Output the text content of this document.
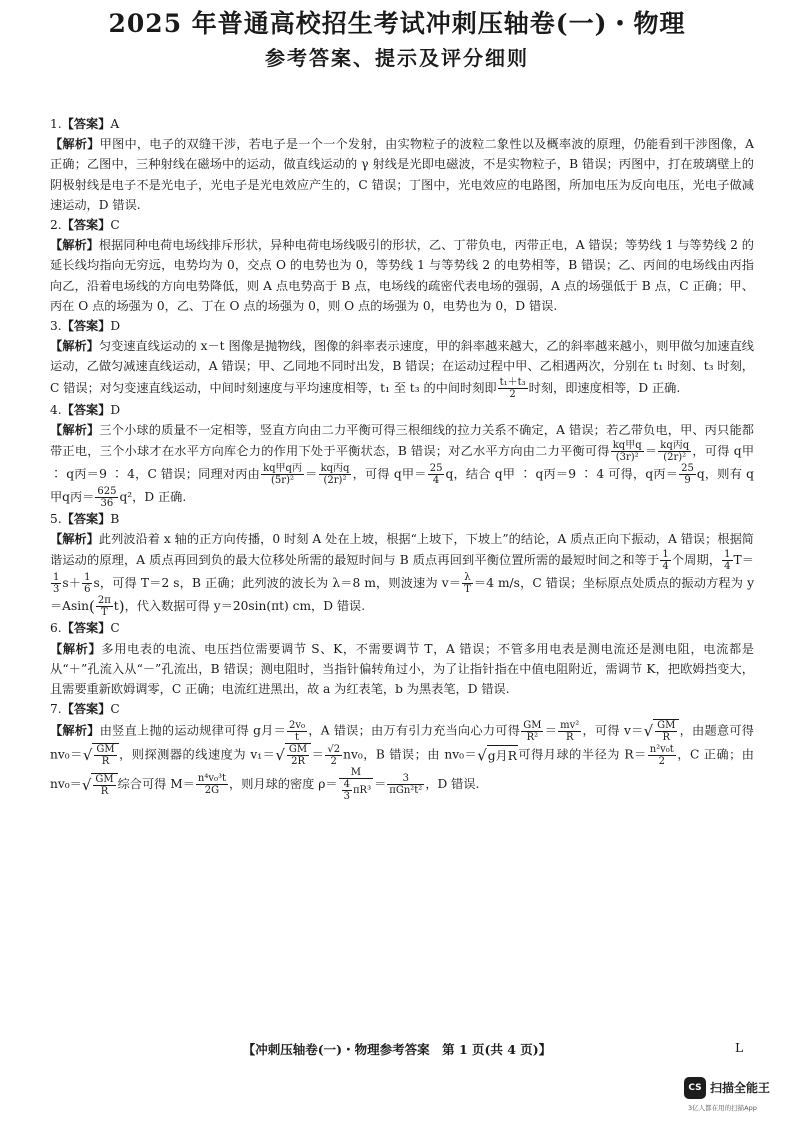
2025 年普通高校招生考试冲刺压轴卷(一)・物理
参考答案、提示及评分细则
1.【答案】A

【解析】甲图中，电子的双缝干涉，若电子是一个一个发射，由实物粒子的波粒二象性以及概率波的原理，仍能看到干涉图像，A 正确；乙图中，三种射线在磁场中的运动，做直线运动的 γ 射线是光即电磁波，不是实物粒子，B 错误；丙图中，打在玻璃壁上的阴极射线是电子不是光电子，光电子是光电效应产生的，C 错误；丁图中，光电效应的电路图，所加电压为反向电压，光电子做减速运动，D 错误.

2.【答案】C

【解析】根据同种电荷电场线排斥形状，异种电荷电场线吸引的形状，乙、丁带负电，丙带正电，A 错误；等势线 1 与等势线 2 的延长线均指向无穷远，电势均为 0，交点 O 的电势也为 0，等势线 1 与等势线 2 的电势相等，B 错误；乙、丙间的电场线由丙指向乙，沿着电场线的方向电势降低，则 A 点电势高于 B 点，电场线的疏密代表电场的强弱，A 点的场强低于 B 点，C 正确；甲、丙在 O 点的场强为 0，乙、丁在 O 点的场强为 0，则 O 点的场强为 0，电势也为 0，D 错误.

3.【答案】D

【解析】匀变速直线运动的 x－t 图像是抛物线，图像的斜率表示速度，甲的斜率越来越大，乙的斜率越来越小，则甲做匀加速直线运动，乙做匀减速直线运动，A 错误；甲、乙同地不同时出发，B 错误；在运动过程中甲、乙相遇两次，分别在 t₁ 时刻、t₃ 时刻，C 错误；对匀变速直线运动，中间时刻速度与平均速度相等，t₁ 至 t₃ 的中间时刻即 $\frac{\text{t₁＋t₃}}{2}$ 时刻，即速度相等，D 正确.

4.【答案】D

【解析】三个小球的质量不一定相等，竖直方向由二力平衡可得三根细线的拉力关系不确定，A 错误；若乙带负电，甲、丙只能都带正电，三个小球才在水平方向库仑力的作用下处于平衡状态，B 错误；对乙水平方向由二力平衡可得 $\frac{\text{kq甲q}}{\text{(3r)²}} = \frac{\text{kq丙q}}{\text{(2r)²}}$ ，可得 q甲 ∶ q丙＝9 ∶ 4，C 错误；同理对丙由 $\frac{\text{kq甲q丙}}{\text{(5r)²}} = \frac{\text{kq丙q}}{\text{(2r)²}}$ ，可得 q甲＝ $\frac{25}{4}$ q，结合 q甲 ∶ q丙＝9 ∶ 4 可得，q丙＝ $\frac{25}{9}$ q，则有 q甲q丙＝ $\frac{625}{36} q^2$，D 正确.

5.【答案】B

【解析】此列波沿着 x 轴的正方向传播，0 时刻 A 处在上坡，根据“上坡下，下坡上”的结论，A 质点正向下振动，A 错误；根据简谐运动的原理，A 质点再回到负的最大位移处所需的最短时间与 B 质点再回到平衡位置所需的最短时间之和等于 $\frac{1}{4}$ 个周期， $\frac{1}{4} T=$
$\frac{1}{3} s+ \frac{1}{6}$ s，可得 T＝2 s，B 正确；此列波的波长为 λ＝8 m，则波速为 $v= \frac{\lambda}{T} =4$ m/s，C 错误；坐标原点处质点的振动方程为 $y=Asin( \frac{2\pi}{T} t)$，代入数据可得 y＝20sin(πt) cm，D 错误.

6.【答案】C

【解析】多用电表的电流、电压挡位需要调节 S、K，不需要调节 T，A 错误；不管多用电表是测电流还是测电阻，电流都是从“＋”孔流入从“－”孔流出，B 错误；测电阻时，当指针偏转角过小，为了让指针指在中值电阻附近，需调节 K，把欧姆挡变大，且需要重新欧姆调零，C 正确；电流红进黑出，故 a 为红表笔，b 为黑表笔，D 错误.

7.【答案】C

【解析】由竖直上抛的运动规律可得 g月＝ $\frac{\text{2v₀}}{t}$ ，A 错误；由万有引力充当向心力可得 $\frac{GM}{\text{R²}} = \frac{\text{mv²}}{R}$ ，可得 $v=√ \frac{GM}{R}$ ，由题意可得 $nv_0=√ \frac{GM}{R}$ ，则探测器的线速度为 $v_1=√ \frac{GM}{2R} = \frac{√2}{2} nv_0$，B 错误；由 nv₀＝√g月R可得月球的半径为 $R= \frac{\text{n²v₀t}}{2}$ ，C 正确；由 $nv_0=√ \frac{GM}{R}$ 综合可得 $M= \frac{\text{n⁴v₀³t}}{2G}$ ，则月球的密度 $\rho= \frac{M}{\frac{4}{3} \pi R^3} = \frac{3}{\text{πGn²t²}}$ ，D 错误.

【冲刺压轴卷(一)・物理参考答案　第 1 页(共 4 页)】	L
CS 扫描全能王
3亿人都在用的扫描App
